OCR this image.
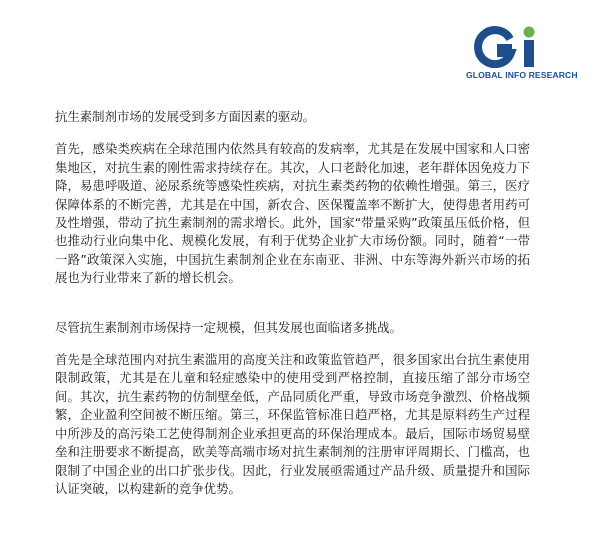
GLOBAL INFO RESEARCH

抗生素制剂市场的发展受到多方面因素的驱动。

首先，感染类疾病在全球范围内依然具有较高的发病率，尤其是在发展中国家和人口密集地区，对抗生素的刚性需求持续存在。其次，人口老龄化加速，老年群体因免疫力下降，易患呼吸道、泌尿系统等感染性疾病，对抗生素类药物的依赖性增强。第三，医疗保障体系的不断完善，尤其是在中国，新农合、医保覆盖率不断扩大，使得患者用药可及性增强，带动了抗生素制剂的需求增长。此外，国家“带量采购”政策虽压低价格，但也推动行业向集中化、规模化发展，有利于优势企业扩大市场份额。同时，随着“一带一路”政策深入实施，中国抗生素制剂企业在东南亚、非洲、中东等海外新兴市场的拓展也为行业带来了新的增长机会。

尽管抗生素制剂市场保持一定规模，但其发展也面临诸多挑战。

首先是全球范围内对抗生素滥用的高度关注和政策监管趋严，很多国家出台抗生素使用限制政策，尤其是在儿童和轻症感染中的使用受到严格控制，直接压缩了部分市场空间。其次，抗生素药物的仿制壁垒低，产品同质化严重，导致市场竞争激烈、价格战频繁，企业盈利空间被不断压缩。第三，环保监管标准日趋严格，尤其是原料药生产过程中所涉及的高污染工艺使得制剂企业承担更高的环保治理成本。最后，国际市场贸易壁垒和注册要求不断提高，欧美等高端市场对抗生素制剂的注册审评周期长、门槛高，也限制了中国企业的出口扩张步伐。因此，行业发展亟需通过产品升级、质量提升和国际认证突破，以构建新的竞争优势。
